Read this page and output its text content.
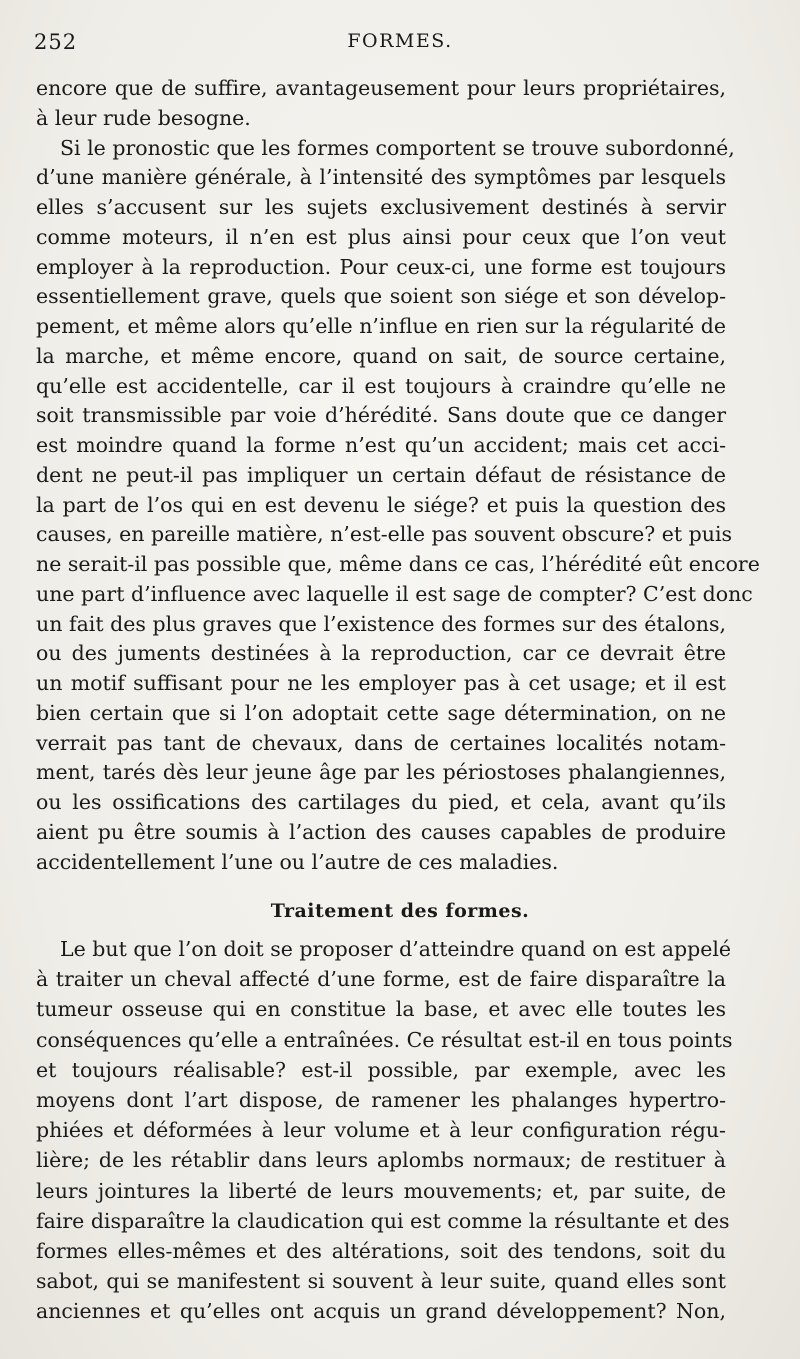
252	FORMES.
encore que de suffire, avantageusement pour leurs propriétaires,
à leur rude besogne.
Si le pronostic que les formes comportent se trouve subordonné,
d’une manière générale, à l’intensité des symptômes par lesquels
elles s’accusent sur les sujets exclusivement destinés à servir
comme moteurs, il n’en est plus ainsi pour ceux que l’on veut
employer à la reproduction. Pour ceux-ci, une forme est toujours
essentiellement grave, quels que soient son siége et son dévelop-
pement, et même alors qu’elle n’influe en rien sur la régularité de
la marche, et même encore, quand on sait, de source certaine,
qu’elle est accidentelle, car il est toujours à craindre qu’elle ne
soit transmissible par voie d’hérédité. Sans doute que ce danger
est moindre quand la forme n’est qu’un accident; mais cet acci-
dent ne peut-il pas impliquer un certain défaut de résistance de
la part de l’os qui en est devenu le siége? et puis la question des
causes, en pareille matière, n’est-elle pas souvent obscure? et puis
ne serait-il pas possible que, même dans ce cas, l’hérédité eût encore
une part d’influence avec laquelle il est sage de compter? C’est donc
un fait des plus graves que l’existence des formes sur des étalons,
ou des juments destinées à la reproduction, car ce devrait être
un motif suffisant pour ne les employer pas à cet usage; et il est
bien certain que si l’on adoptait cette sage détermination, on ne
verrait pas tant de chevaux, dans de certaines localités notam-
ment, tarés dès leur jeune âge par les périostoses phalangiennes,
ou les ossifications des cartilages du pied, et cela, avant qu’ils
aient pu être soumis à l’action des causes capables de produire
accidentellement l’une ou l’autre de ces maladies.
Traitement des formes.
Le but que l’on doit se proposer d’atteindre quand on est appelé
à traiter un cheval affecté d’une forme, est de faire disparaître la
tumeur osseuse qui en constitue la base, et avec elle toutes les
conséquences qu’elle a entraînées. Ce résultat est-il en tous points
et toujours réalisable? est-il possible, par exemple, avec les
moyens dont l’art dispose, de ramener les phalanges hypertro-
phiées et déformées à leur volume et à leur configuration régu-
lière; de les rétablir dans leurs aplombs normaux; de restituer à
leurs jointures la liberté de leurs mouvements; et, par suite, de
faire disparaître la claudication qui est comme la résultante et des
formes elles-mêmes et des altérations, soit des tendons, soit du
sabot, qui se manifestent si souvent à leur suite, quand elles sont
anciennes et qu’elles ont acquis un grand développement? Non,
